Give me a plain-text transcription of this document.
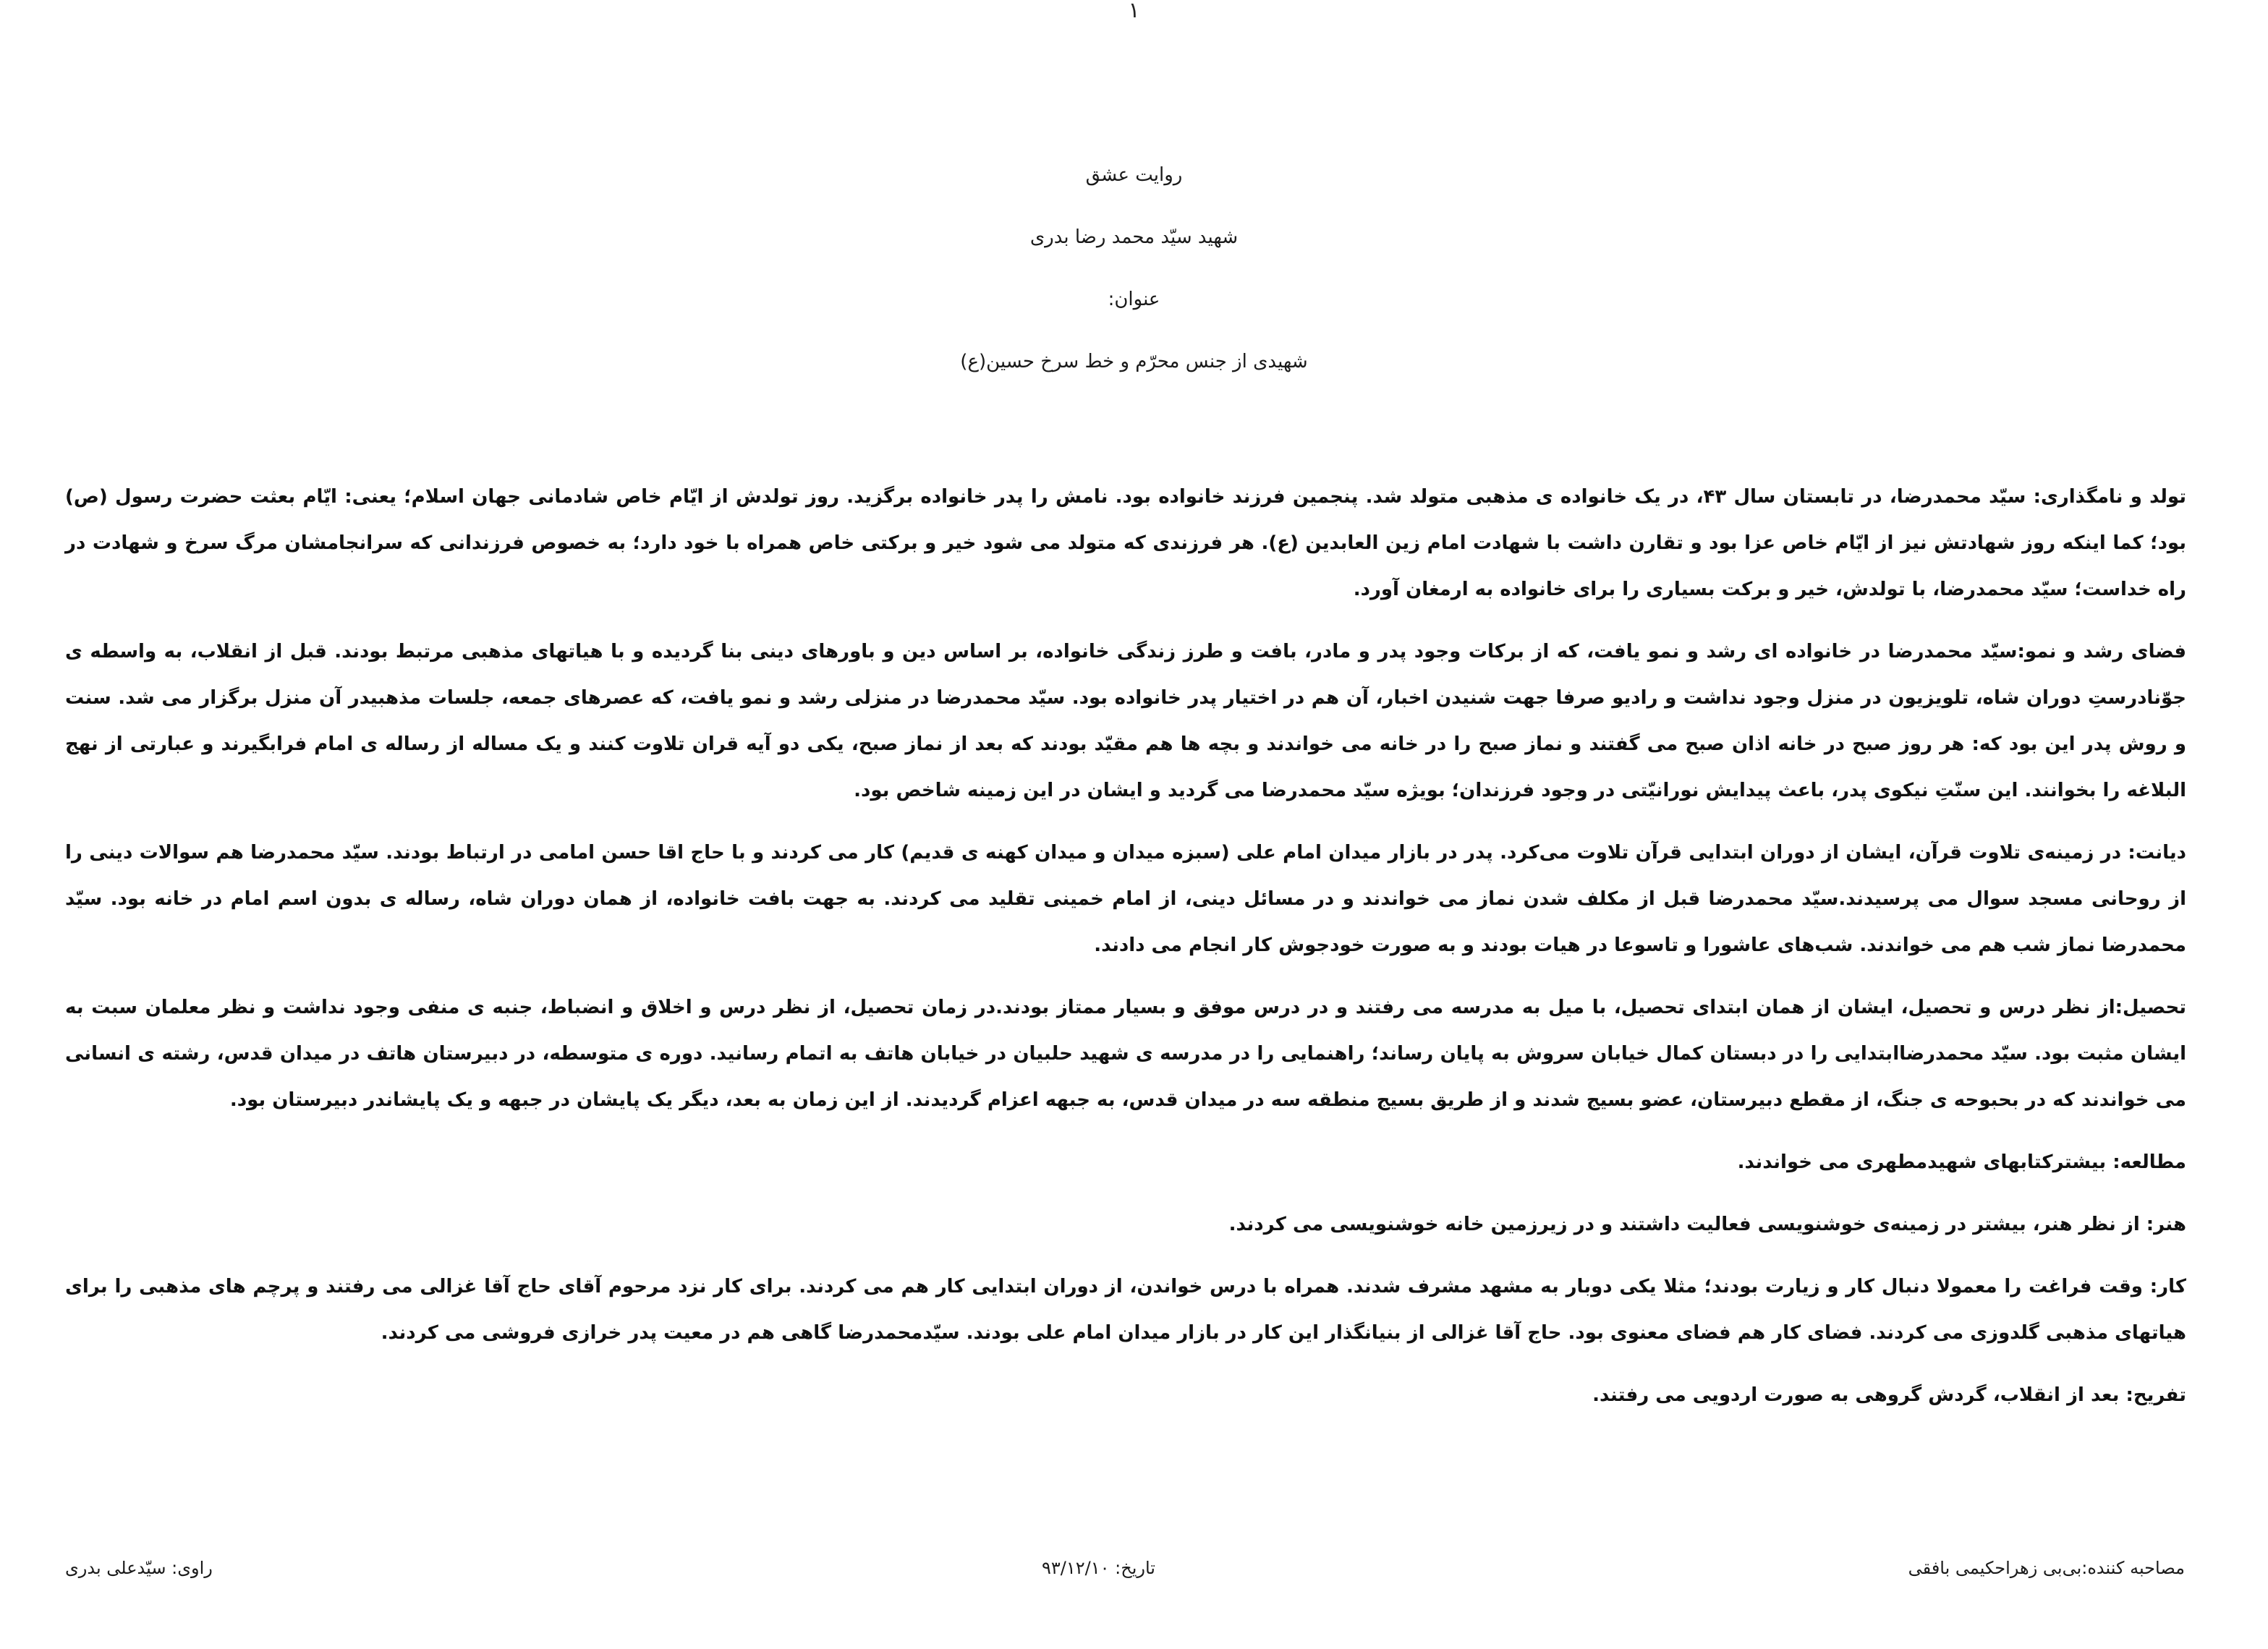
۱
روایت عشق
شهید سیّد محمد رضا بدری
عنوان:
شهیدی از جنس محرّم و خط سرخ حسین(ع)

تولد و نامگذاری: سیّد محمدرضا، در تابستان سال ۴۳، در یک خانواده ی مذهبی متولد شد. پنجمین فرزند خانواده بود. نامش را پدر خانواده برگزید. روز تولدش از ایّام خاص شادمانی جهان اسلام؛ یعنی: ایّام بعثت حضرت رسول (ص) بود؛ کما اینکه روز شهادتش نیز از ایّام خاص عزا بود و تقارن داشت با شهادت امام زین العابدین (ع). هر فرزندی که متولد می شود خیر و برکتی خاص همراه با خود دارد؛ به خصوص فرزندانی که سرانجامشان مرگ سرخ و شهادت در راه خداست؛ سیّد محمدرضا، با تولدش، خیر و برکت بسیاری را برای خانواده به ارمغان آورد.

فضای رشد و نمو:سیّد محمدرضا در خانواده ای رشد و نمو یافت، که از برکات وجود پدر و مادر، بافت و طرز زندگی خانواده، بر اساس دین و باورهای دینی بنا گردیده و با هیاتهای مذهبی مرتبط بودند. قبل از انقلاب، به واسطه ی جوّنادرستِ دوران شاه، تلویزیون در منزل وجود نداشت و رادیو صرفا جهت شنیدن اخبار، آن هم در اختیار پدر خانواده بود. سیّد محمدرضا در منزلی رشد و نمو یافت، که عصرهای جمعه، جلسات مذهبیدر آن منزل برگزار می شد. سنت و روش پدر این بود که: هر روز صبح در خانه اذان صبح می گفتند و نماز صبح را در خانه می خواندند و بچه ها هم مقیّد بودند که بعد از نماز صبح، یکی دو آیه قران تلاوت کنند و یک مساله از رساله ی امام فرابگیرند و عبارتی از نهج البلاغه را بخوانند. این سنّتِ نیکوی پدر، باعث پیدایش نورانیّتی در وجود فرزندان؛ بویژه سیّد محمدرضا می گردید و ایشان در این زمینه شاخص بود.

دیانت: در زمینه‌ی تلاوت قرآن، ایشان از دوران ابتدایی قرآن تلاوت می‌کرد. پدر در بازار میدان امام علی (سبزه میدان و میدان کهنه ی قدیم) کار می کردند و با حاج اقا حسن امامی در ارتباط بودند. سیّد محمدرضا هم سوالات دینی را از روحانی مسجد سوال می پرسیدند.سیّد محمدرضا قبل از مکلف شدن نماز می خواندند و در مسائل دینی، از امام خمینی تقلید می کردند. به جهت بافت خانواده، از همان دوران شاه، رساله ی بدون اسم امام در خانه بود. سیّد محمدرضا نماز شب هم می خواندند. شب‌های عاشورا و تاسوعا در هیات بودند و به صورت خودجوش کار انجام می دادند.

تحصیل:از نظر درس و تحصیل، ایشان از همان ابتدای تحصیل، با میل به مدرسه می رفتند و در درس موفق و بسیار ممتاز بودند.در زمان تحصیل، از نظر درس و اخلاق و انضباط، جنبه ی منفی وجود نداشت و نظر معلمان سبت به ایشان مثبت بود. سیّد محمدرضاابتدایی را در دبستان کمال خیابان سروش به پایان رساند؛ راهنمایی را در مدرسه ی شهید حلبیان در خیابان هاتف به اتمام رسانید. دوره ی متوسطه، در دبیرستان هاتف در میدان قدس، رشته ی انسانی می خواندند که در بحبوحه ی جنگ، از مقطع دبیرستان، عضو بسیج شدند و از طریق بسیج منطقه سه در میدان قدس، به جبهه اعزام گردیدند. از این زمان به بعد، دیگر یک پایشان در جبهه و یک پایشاندر دبیرستان بود.

مطالعه: بیشترکتابهای شهیدمطهری می خواندند.

هنر: از نظر هنر، بیشتر در زمینه‌ی خوشنویسی فعالیت داشتند و در زیرزمین خانه خوشنویسی می کردند.

کار: وقت فراغت را معمولا دنبال کار و زیارت بودند؛ مثلا یکی دوبار به مشهد مشرف شدند. همراه با درس خواندن، از دوران ابتدایی کار هم می کردند. برای کار نزد مرحوم آقای حاج آقا غزالی می رفتند و پرچم های مذهبی را برای هیاتهای مذهبی گلدوزی می کردند. فضای کار هم فضای معنوی بود. حاج آقا غزالی از بنیانگذار این کار در بازار میدان امام علی بودند. سیّدمحمدرضا گاهی هم در معیت پدر خرازی فروشی می کردند.

تفریح: بعد از انقلاب، گردش گروهی به صورت اردویی می رفتند.

راوی: سیّدعلی بدری	تاریخ: ۹۳/۱۲/۱۰	مصاحبه کننده:بی‌بی زهراحکیمی بافقی
